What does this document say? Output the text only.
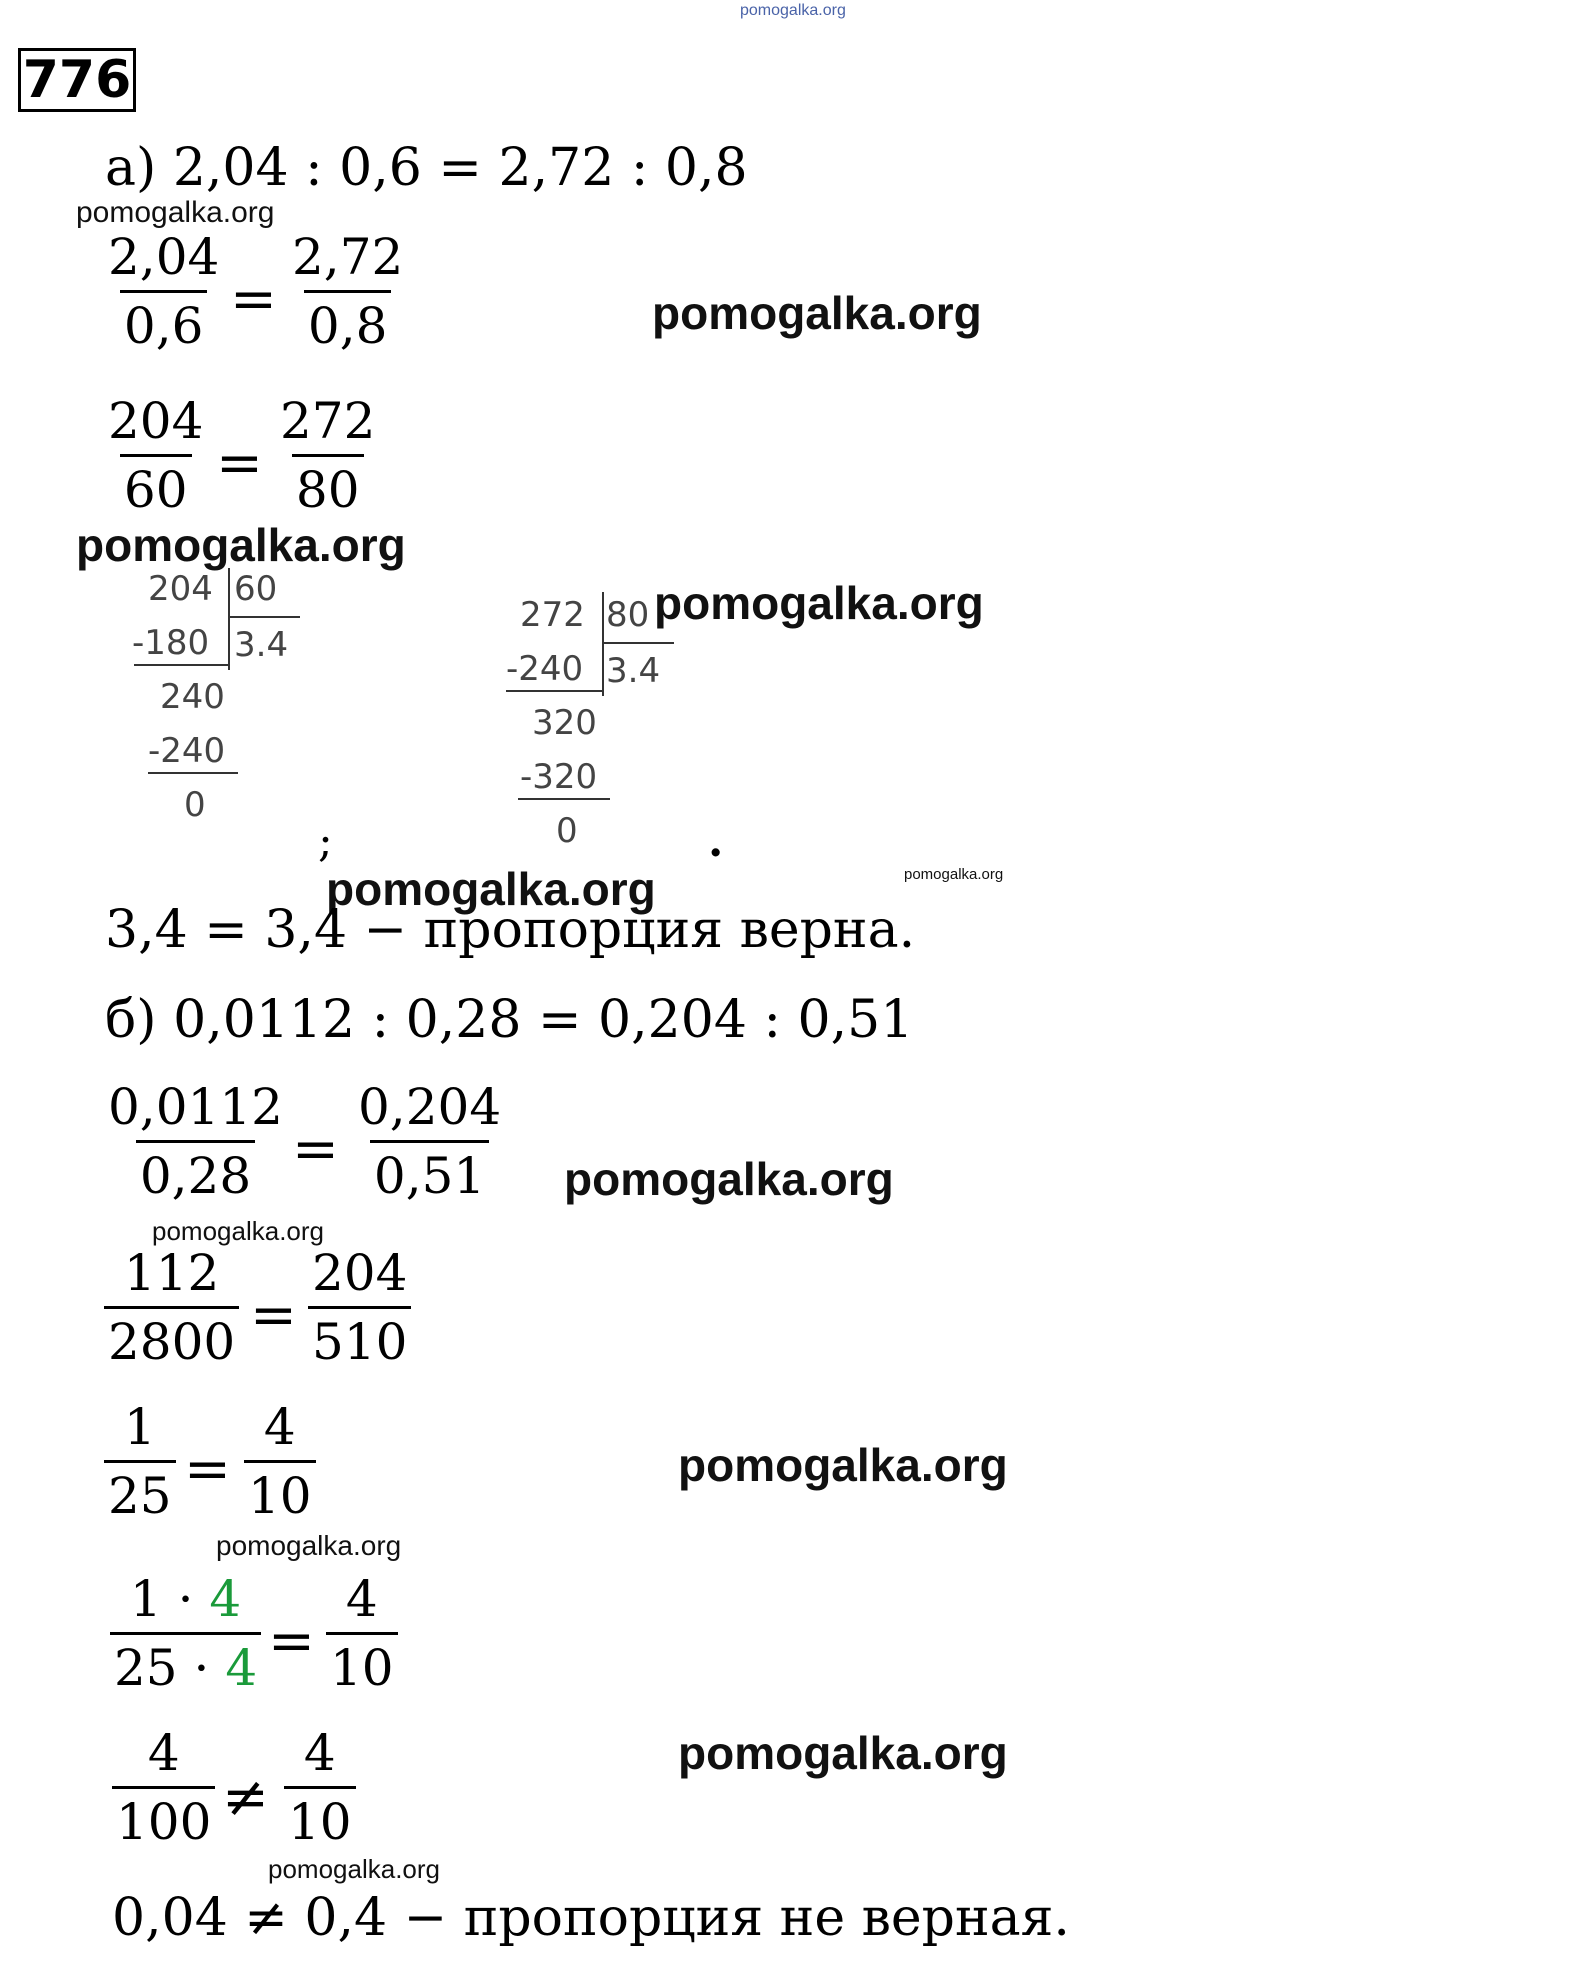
pomogalka.org
776
а) 2,04 : 0,6 = 2,72 : 0,8
pomogalka.org
$\frac{2,04}{0,6} = \frac{2,72}{0,8}$	pomogalka.org
$\frac{204}{60} = \frac{272}{80}$
pomogalka.org
204 60
-180 3.4
240
-240
0
272 80
-240 3.4
320
-320
0
pomogalka.org
;	.
pomogalka.org
pomogalka.org
3,4 = 3,4 − пропорция верна.
б) 0,0112 : 0,28 = 0,204 : 0,51
$\frac{0,0112}{0,28} = \frac{0,204}{0,51}$ pomogalka.org
pomogalka.org
$\frac{112}{2800} = \frac{204}{510}$
$\frac{1}{25} = \frac{4}{10}$	pomogalka.org
pomogalka.org
$\frac{1 \cdot 4}{25 \cdot 4} = \frac{4}{10}$
$\frac{4}{100} \ne \frac{4}{10}$	pomogalka.org
pomogalka.org
0,04 ≠ 0,4 − пропорция не верная.
